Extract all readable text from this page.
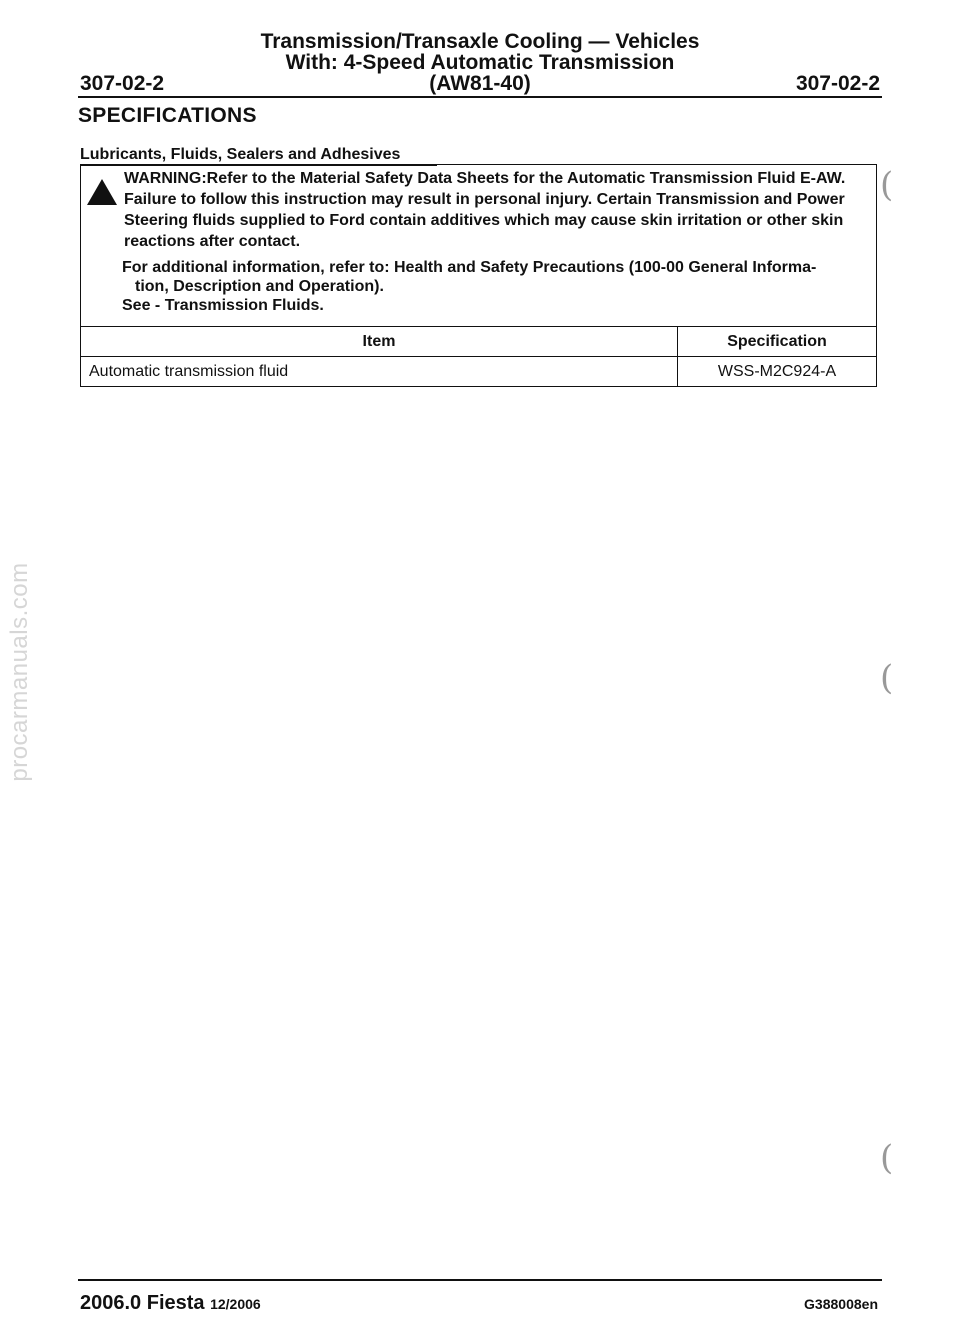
procarmanuals.com
Transmission/Transaxle Cooling — Vehicles
With: 4-Speed Automatic Transmission
(AW81-40)
307-02-2	307-02-2
SPECIFICATIONS
Lubricants, Fluids, Sealers and Adhesives
WARNING:Refer to the Material Safety Data Sheets for the Automatic Transmission Fluid E-AW. Failure to follow this instruction may result in personal injury. Certain Transmission and Power Steering fluids supplied to Ford contain additives which may cause skin irritation or other skin reactions after contact.
For additional information, refer to: Health and Safety Precautions (100-00 General Informa-
tion, Description and Operation).
See - Transmission Fluids.
Item	Specification
Automatic transmission fluid	WSS-M2C924-A
(
(
(
2006.0 Fiesta 12/2006	G388008en
